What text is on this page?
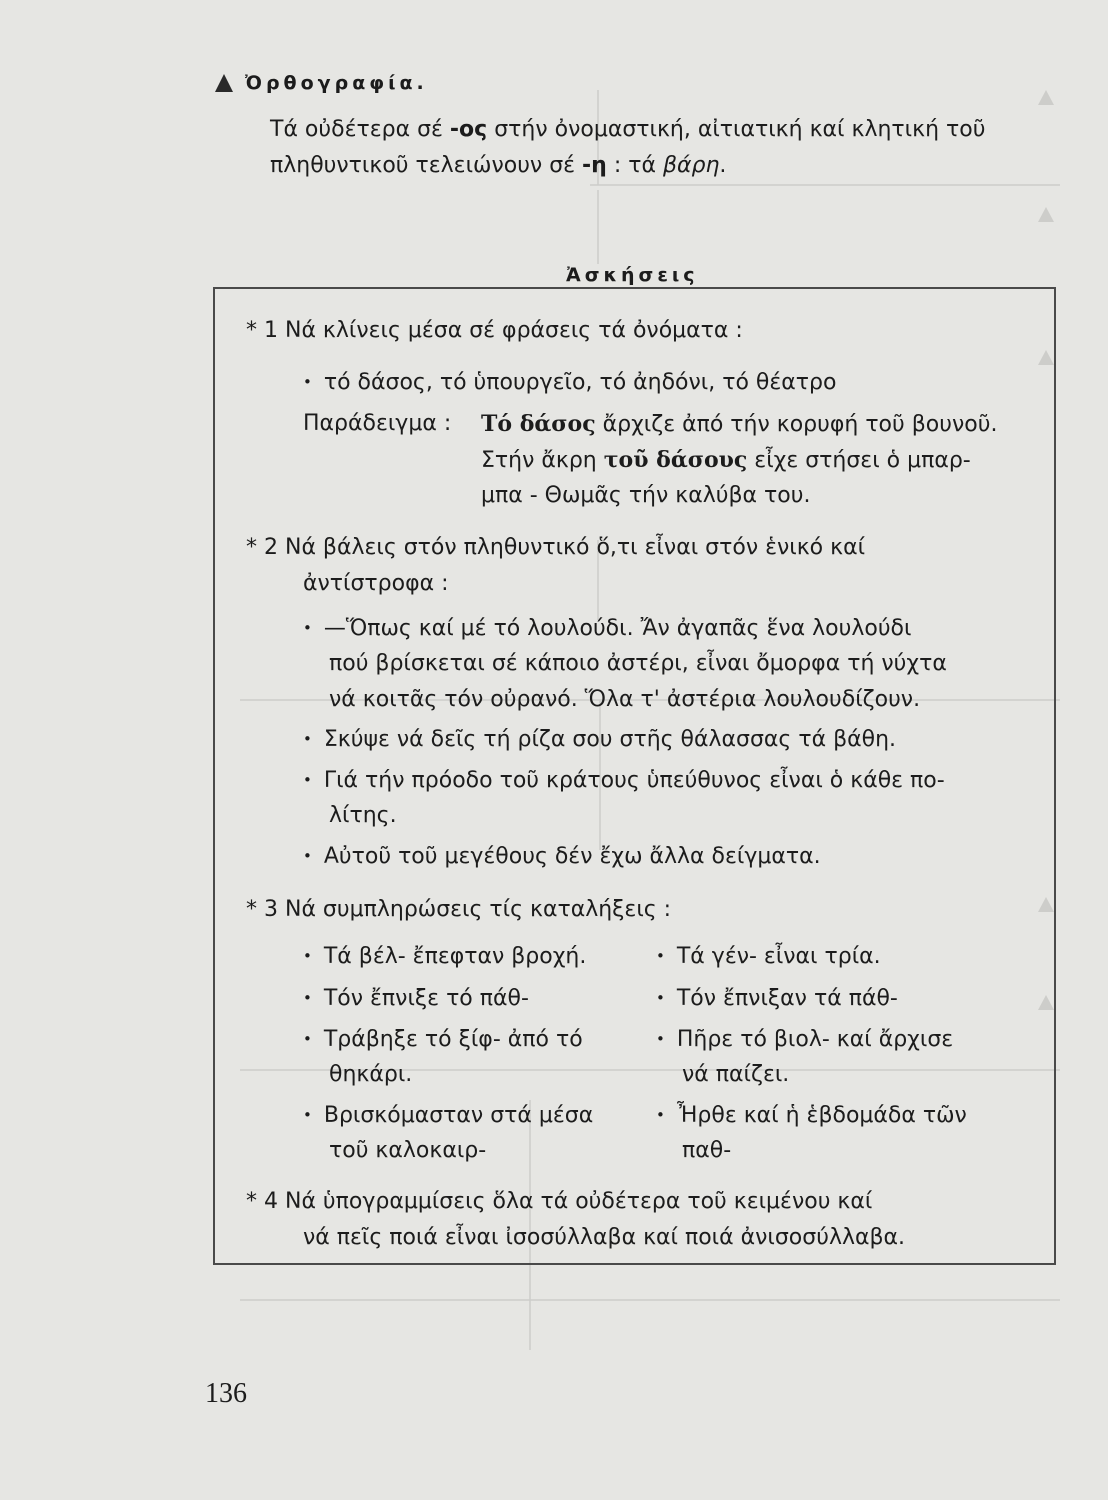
Ὀρθογραφία.
Τά οὐδέτερα σέ -ος στήν ὀνομαστική, αἰτιατική καί κλητική τοῦ πληθυντικοῦ τελειώνουν σέ -η : τά βάρη.
Ἀσκήσεις
* 1 Νά κλίνεις μέσα σέ φράσεις τά ὀνόματα :
• τό δάσος, τό ὑπουργεῖο, τό ἀηδόνι, τό θέατρο
Παράδειγμα : Τό δάσος ἄρχιζε ἀπό τήν κορυφή τοῦ βουνοῦ.
Στήν ἄκρη τοῦ δάσους εἶχε στήσει ὁ μπαρ-
μπα - Θωμᾶς τήν καλύβα του.
* 2 Νά βάλεις στόν πληθυντικό ὅ,τι εἶναι στόν ἑνικό καί
ἀντίστροφα :
• —Ὅπως καί μέ τό λουλούδι. Ἄν ἀγαπᾶς ἕνα λουλούδι
πού βρίσκεται σέ κάποιο ἀστέρι, εἶναι ὄμορφα τή νύχτα
νά κοιτᾶς τόν οὐρανό. Ὅλα τ' ἀστέρια λουλουδίζουν.
• Σκύψε νά δεῖς τή ρίζα σου στῆς θάλασσας τά βάθη.
• Γιά τήν πρόοδο τοῦ κράτους ὑπεύθυνος εἶναι ὁ κάθε πο-
λίτης.
• Αὐτοῦ τοῦ μεγέθους δέν ἔχω ἄλλα δείγματα.
* 3 Νά συμπληρώσεις τίς καταλήξεις :
• Τά βέλ- ἔπεφταν βροχή.	• Τά γέν- εἶναι τρία.
• Τόν ἔπνιξε τό πάθ-	• Τόν ἔπνιξαν τά πάθ-
• Τράβηξε τό ξίφ- ἀπό τό	• Πῆρε τό βιολ- καί ἄρχισε
θηκάρι.	νά παίζει.
• Βρισκόμασταν στά μέσα	• Ἦρθε καί ἡ ἑβδομάδα τῶν
τοῦ καλοκαιρ-	παθ-
* 4 Νά ὑπογραμμίσεις ὅλα τά οὐδέτερα τοῦ κειμένου καί
νά πεῖς ποιά εἶναι ἰσοσύλλαβα καί ποιά ἀνισοσύλλαβα.
136
